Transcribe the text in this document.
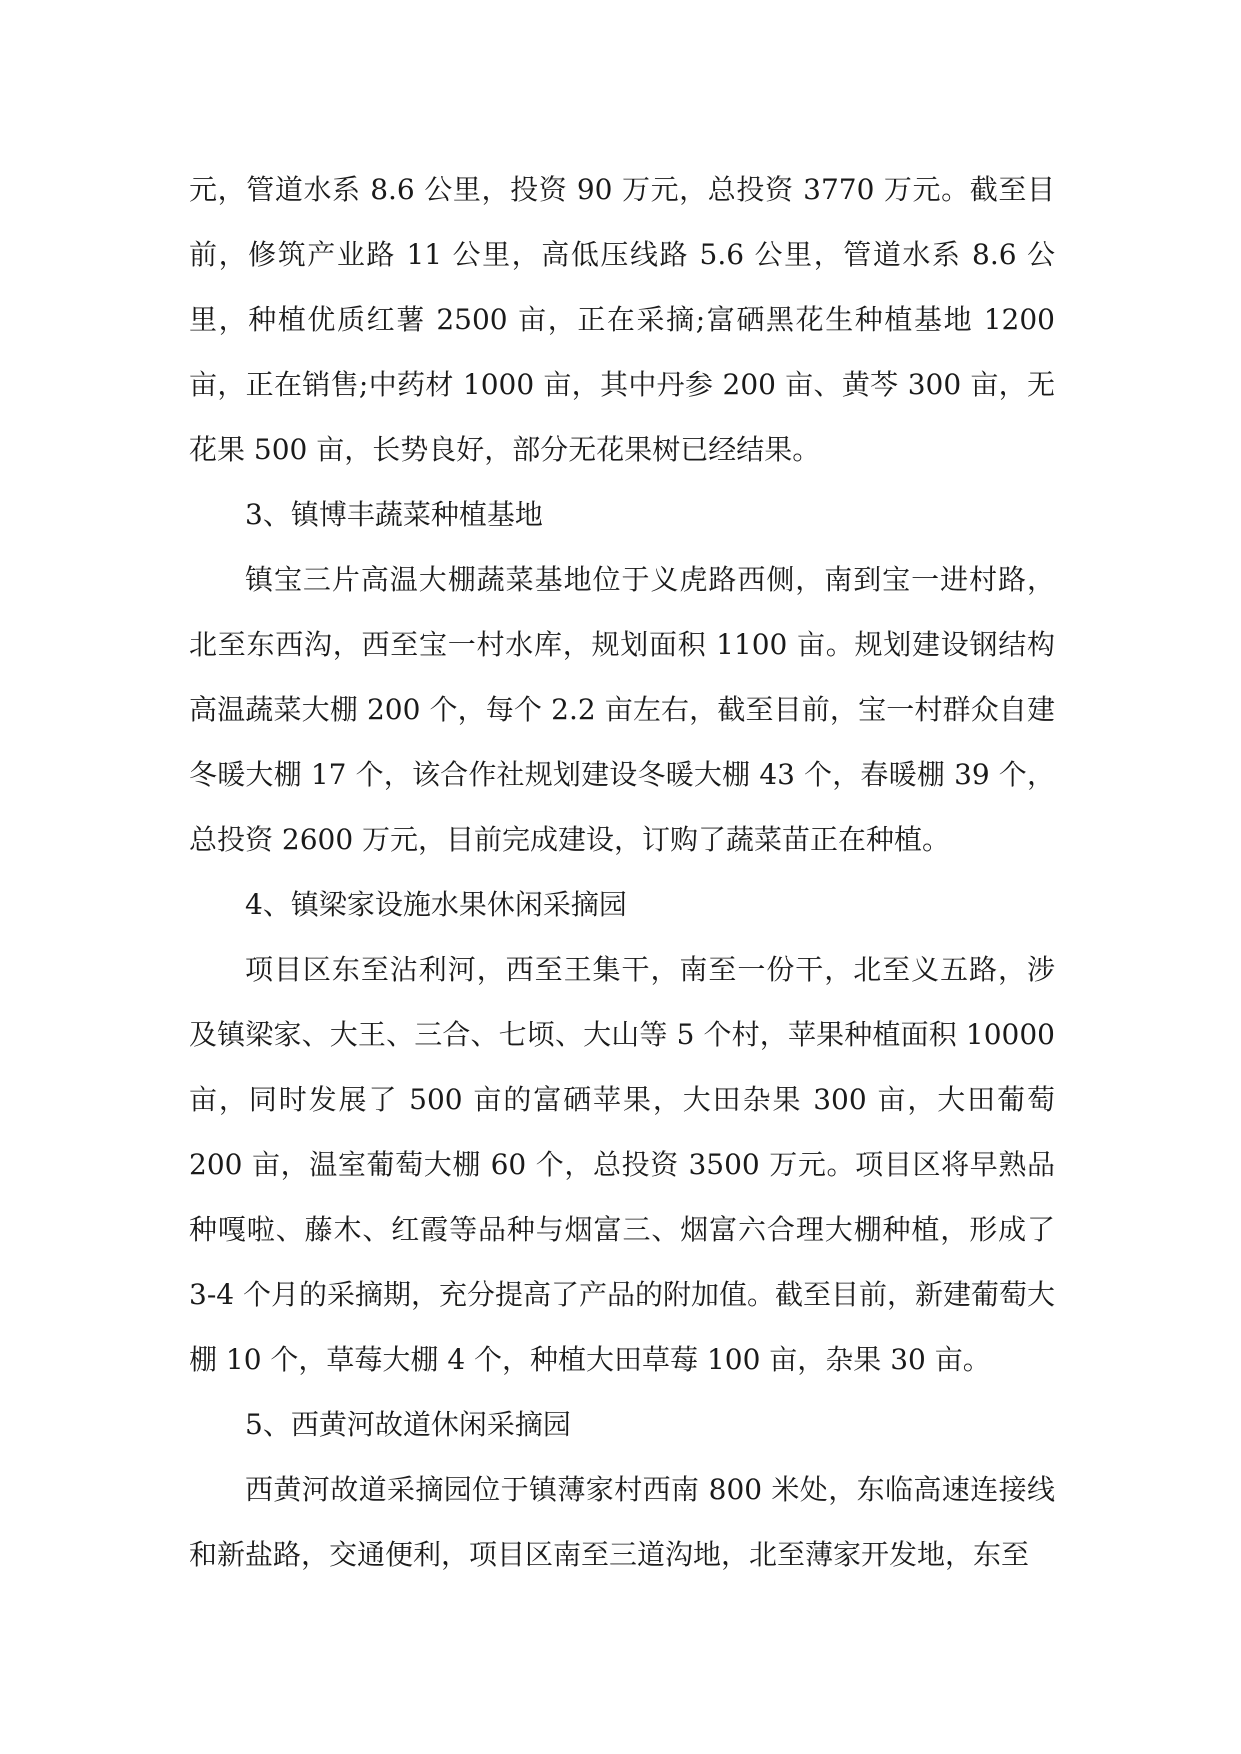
元，管道水系 8.6 公里，投资 90 万元，总投资 3770 万元。截至目前，修筑产业路 11 公里，高低压线路 5.6 公里，管道水系 8.6 公里，种植优质红薯 2500 亩，正在采摘;富硒黑花生种植基地 1200 亩，正在销售;中药材 1000 亩，其中丹参 200 亩、黄芩 300 亩，无花果 500 亩，长势良好，部分无花果树已经结果。

3、镇博丰蔬菜种植基地

镇宝三片高温大棚蔬菜基地位于义虎路西侧，南到宝一进村路，北至东西沟，西至宝一村水库，规划面积 1100 亩。规划建设钢结构高温蔬菜大棚 200 个，每个 2.2 亩左右，截至目前，宝一村群众自建冬暖大棚 17 个，该合作社规划建设冬暖大棚 43 个，春暖棚 39 个，总投资 2600 万元，目前完成建设，订购了蔬菜苗正在种植。

4、镇梁家设施水果休闲采摘园

项目区东至沾利河，西至王集干，南至一份干，北至义五路，涉及镇梁家、大王、三合、七顷、大山等 5 个村，苹果种植面积 10000 亩，同时发展了 500 亩的富硒苹果，大田杂果 300 亩，大田葡萄 200 亩，温室葡萄大棚 60 个，总投资 3500 万元。项目区将早熟品种嘎啦、藤木、红霞等品种与烟富三、烟富六合理大棚种植，形成了 3-4 个月的采摘期，充分提高了产品的附加值。截至目前，新建葡萄大棚 10 个，草莓大棚 4 个，种植大田草莓 100 亩，杂果 30 亩。

5、西黄河故道休闲采摘园

西黄河故道采摘园位于镇薄家村西南 800 米处，东临高速连接线和新盐路，交通便利，项目区南至三道沟地，北至薄家开发地，东至
